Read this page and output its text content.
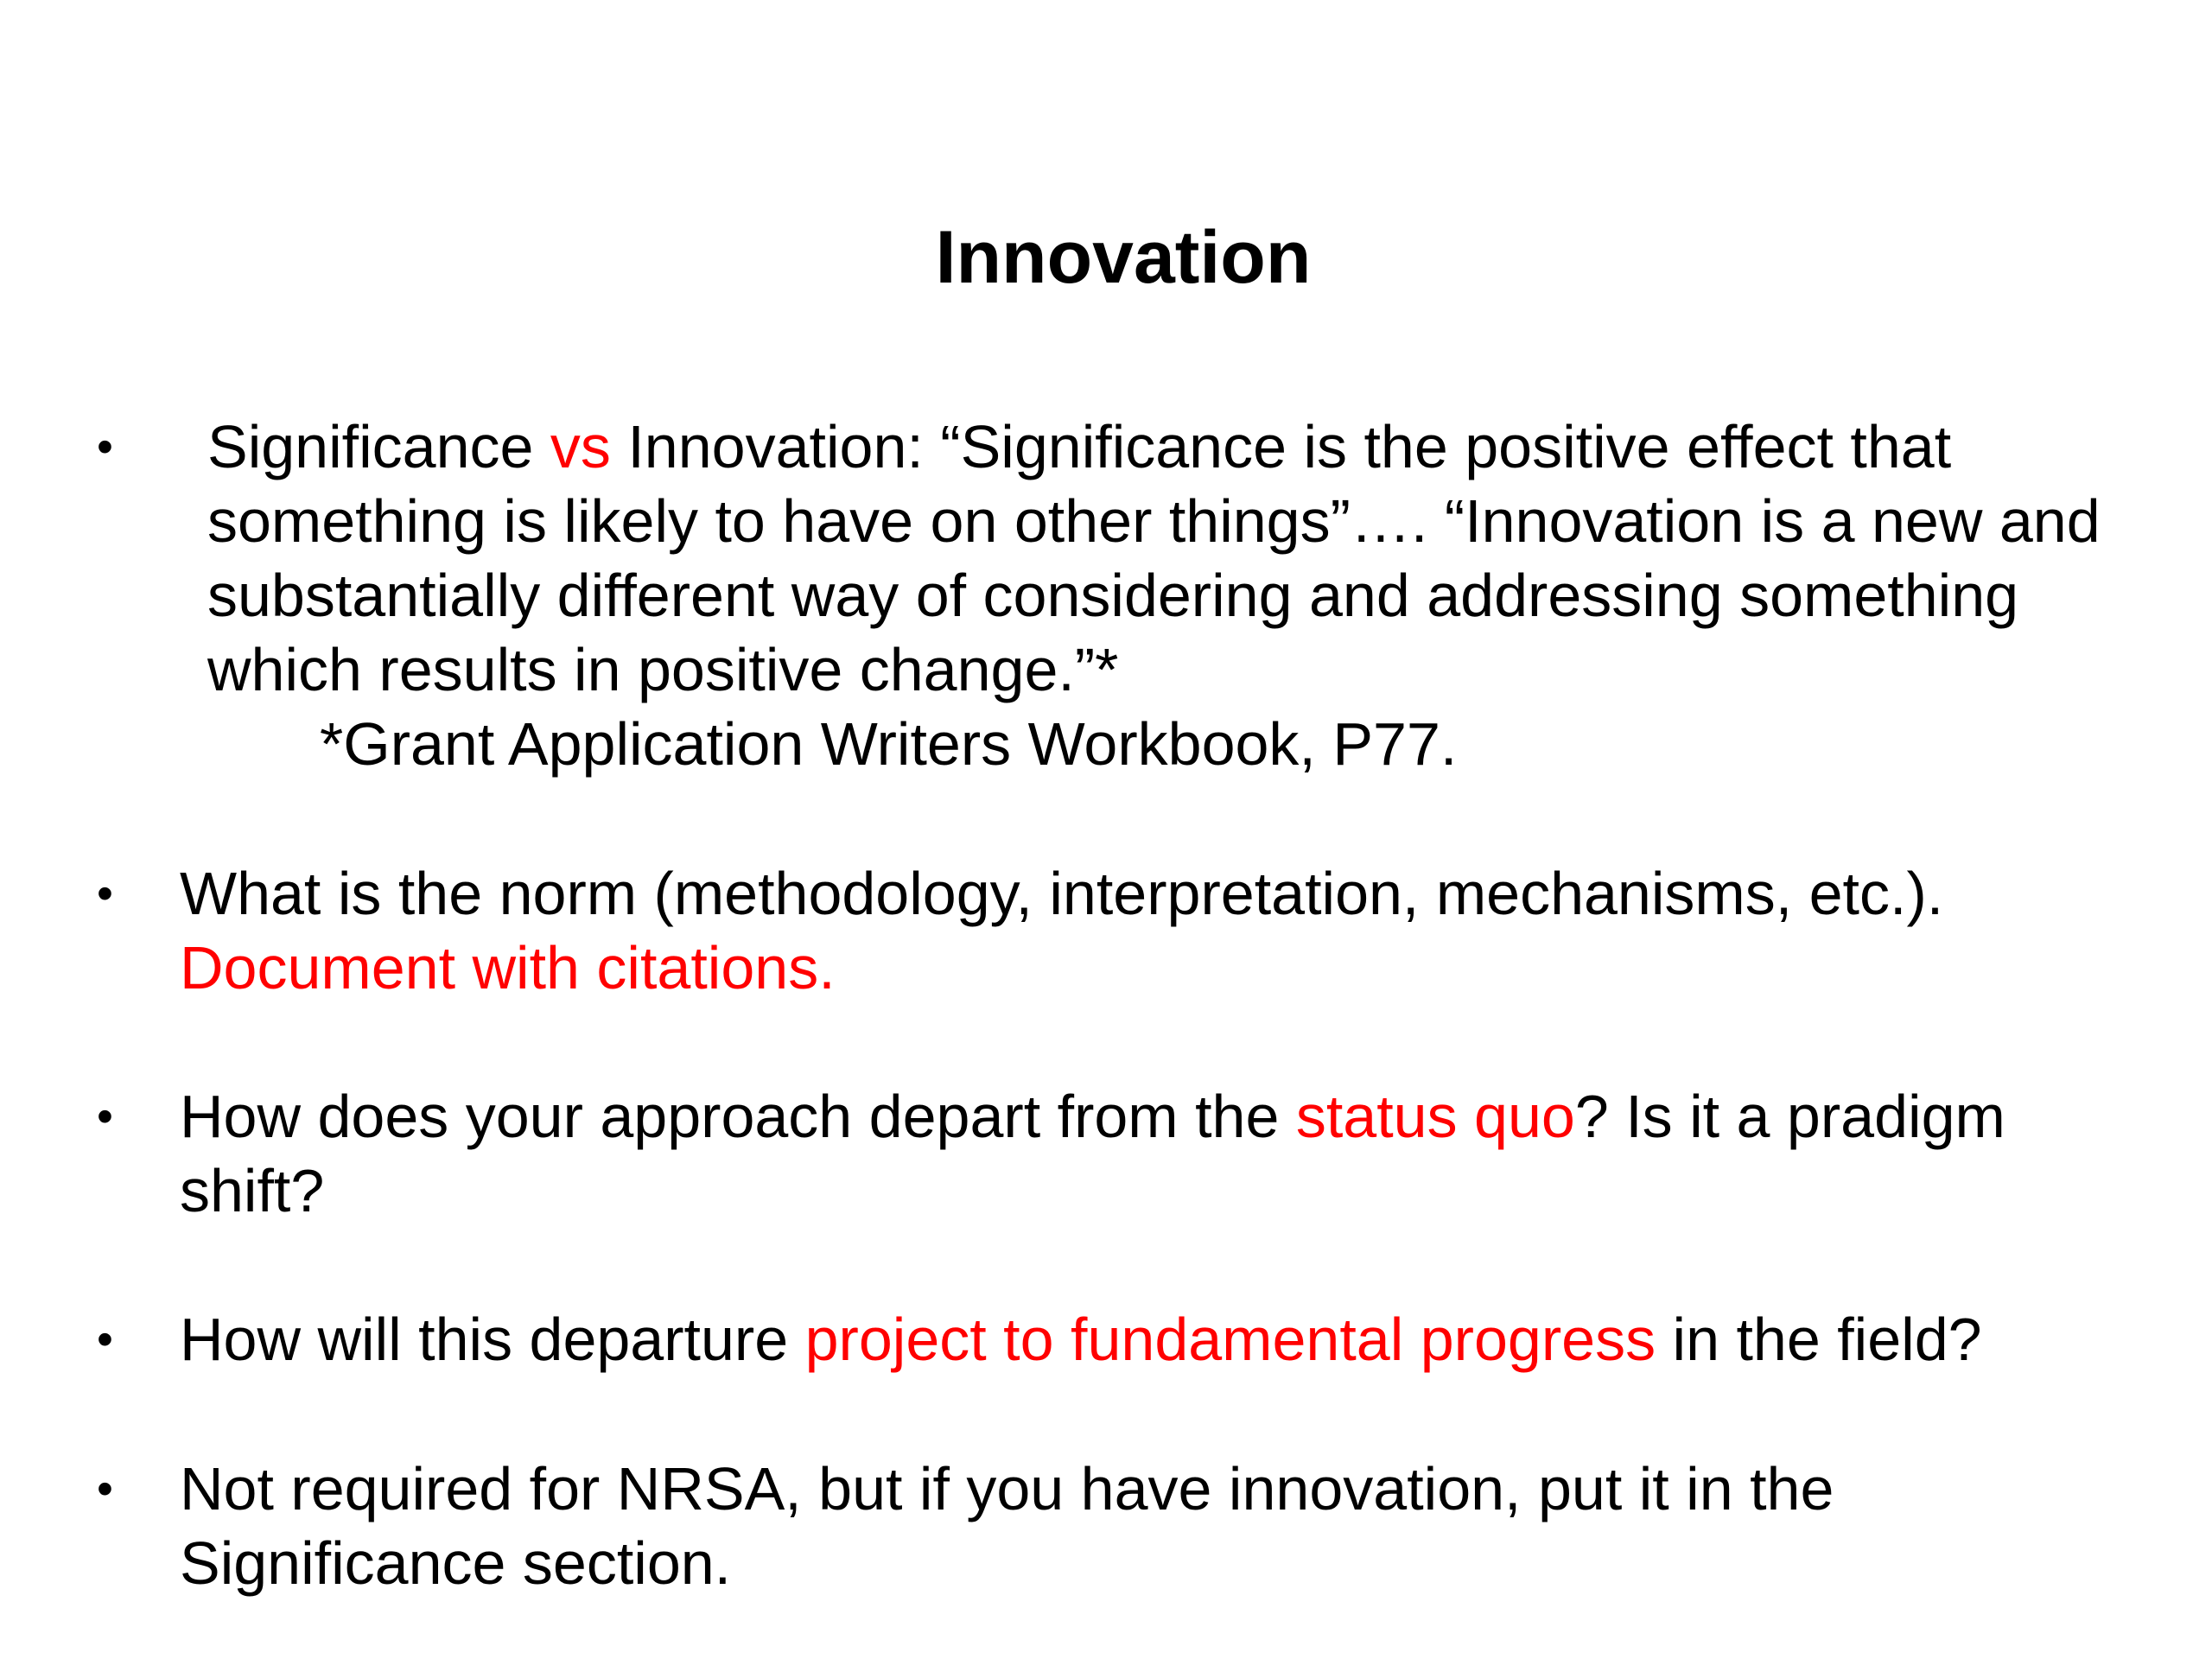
Innovation
• Significance vs Innovation: “Significance is the positive effect that something is likely to have on other things”…. “Innovation is a new and substantially different way of considering and addressing something which results in positive change.”*
*Grant Application Writers Workbook, P77.
• What is the norm (methodology, interpretation, mechanisms, etc.).
Document with citations.
• How does your approach depart from the status quo? Is it a pradigm shift?
• How will this departure project to fundamental progress in the field?
• Not required for NRSA, but if you have innovation, put it in the Significance section.
